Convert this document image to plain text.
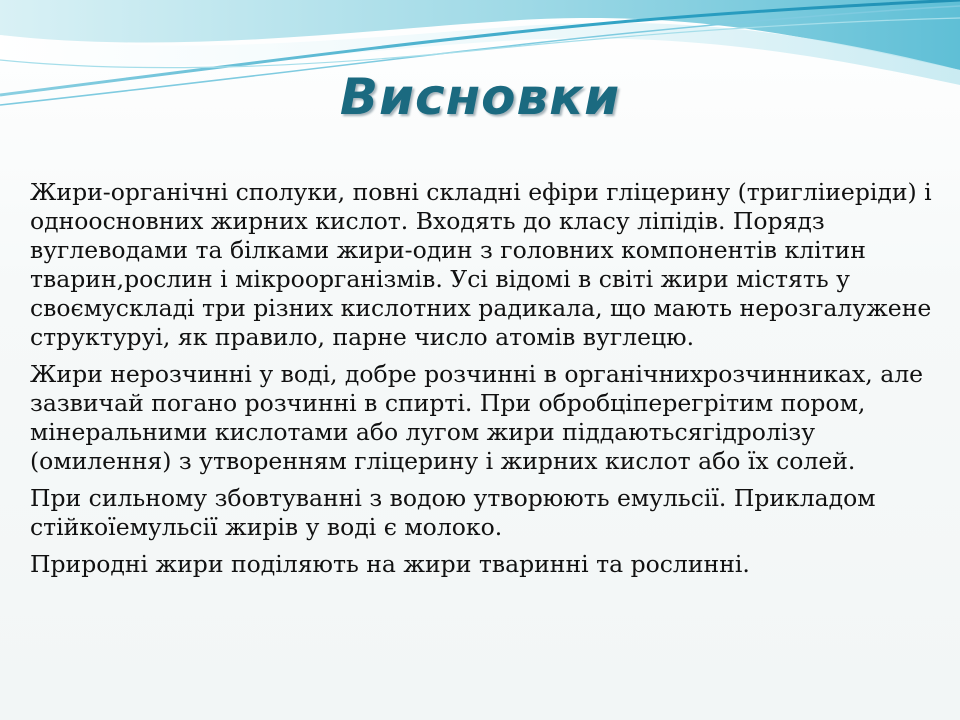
Висновки

Жири-органічні сполуки, повні складні ефіри гліцерину (тригліиеріди) і одноосновних жирних кислот. Входять до класу ліпідів. Порядз вуглеводами та білками жири-один з головних компонентів клітин тварин,рослин і мікроорганізмів. Усі відомі в світі жири містять у своємускладі три різних кислотних радикала, що мають нерозгалужене структуруі, як правило, парне число атомів вуглецю.

Жири нерозчинні у воді, добре розчинні в органічнихрозчинниках, але зазвичай погано розчинні в спирті. При обробціперегрітим пором, мінеральними кислотами або лугом жири піддаютьсягідролізу (омилення) з утворенням гліцерину і жирних кислот або їх солей.

При сильному збовтуванні з водою утворюють емульсії. Прикладом стійкоїемульсії жирів у воді є молоко.

Природні жири поділяють на жири тваринні та рослинні.
